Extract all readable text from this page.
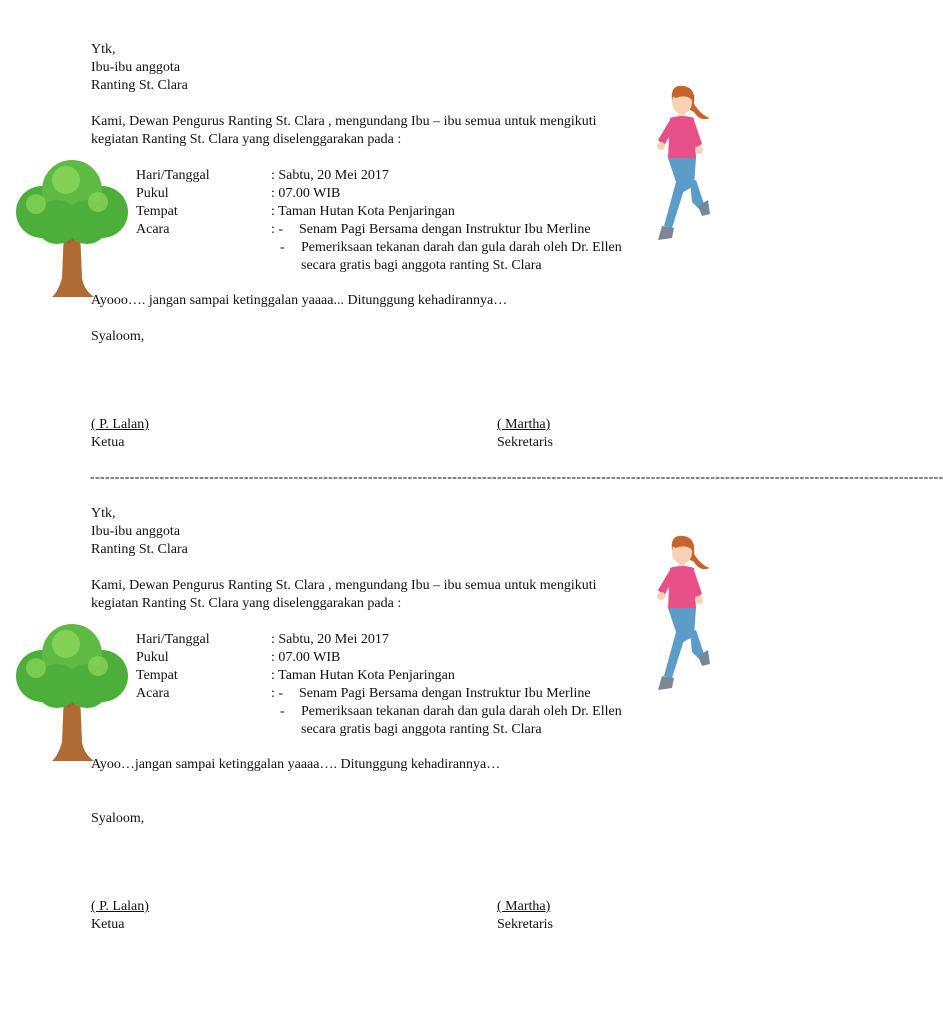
Ytk,
Ibu-ibu anggota
Ranting St. Clara
Kami, Dewan Pengurus Ranting St. Clara , mengundang Ibu – ibu semua untuk mengikuti
kegiatan Ranting St. Clara yang diselenggarakan pada :
Hari/Tanggal	: Sabtu, 20 Mei 2017
Pukul	: 07.00 WIB
Tempat	: Taman Hutan Kota Penjaringan
Acara	: - Senam Pagi Bersama dengan Instruktur Ibu Merline
- Pemeriksaan tekanan darah dan gula darah oleh Dr. Ellen
secara gratis bagi anggota ranting St. Clara
Ayooo…. jangan sampai ketinggalan yaaaa... Ditunggung kehadirannya…
Syaloom,
( P. Lalan)
Ketua
( Martha)
Sekretaris
----------------------------------------------------------------------------------------------------------------------------------------------------------------------------
Ytk,
Ibu-ibu anggota
Ranting St. Clara
Kami, Dewan Pengurus Ranting St. Clara , mengundang Ibu – ibu semua untuk mengikuti
kegiatan Ranting St. Clara yang diselenggarakan pada :
Hari/Tanggal	: Sabtu, 20 Mei 2017
Pukul	: 07.00 WIB
Tempat	: Taman Hutan Kota Penjaringan
Acara	: - Senam Pagi Bersama dengan Instruktur Ibu Merline
- Pemeriksaan tekanan darah dan gula darah oleh Dr. Ellen
secara gratis bagi anggota ranting St. Clara
Ayoo…jangan sampai ketinggalan yaaaa…. Ditunggung kehadirannya…
Syaloom,
( P. Lalan)
Ketua
( Martha)
Sekretaris
